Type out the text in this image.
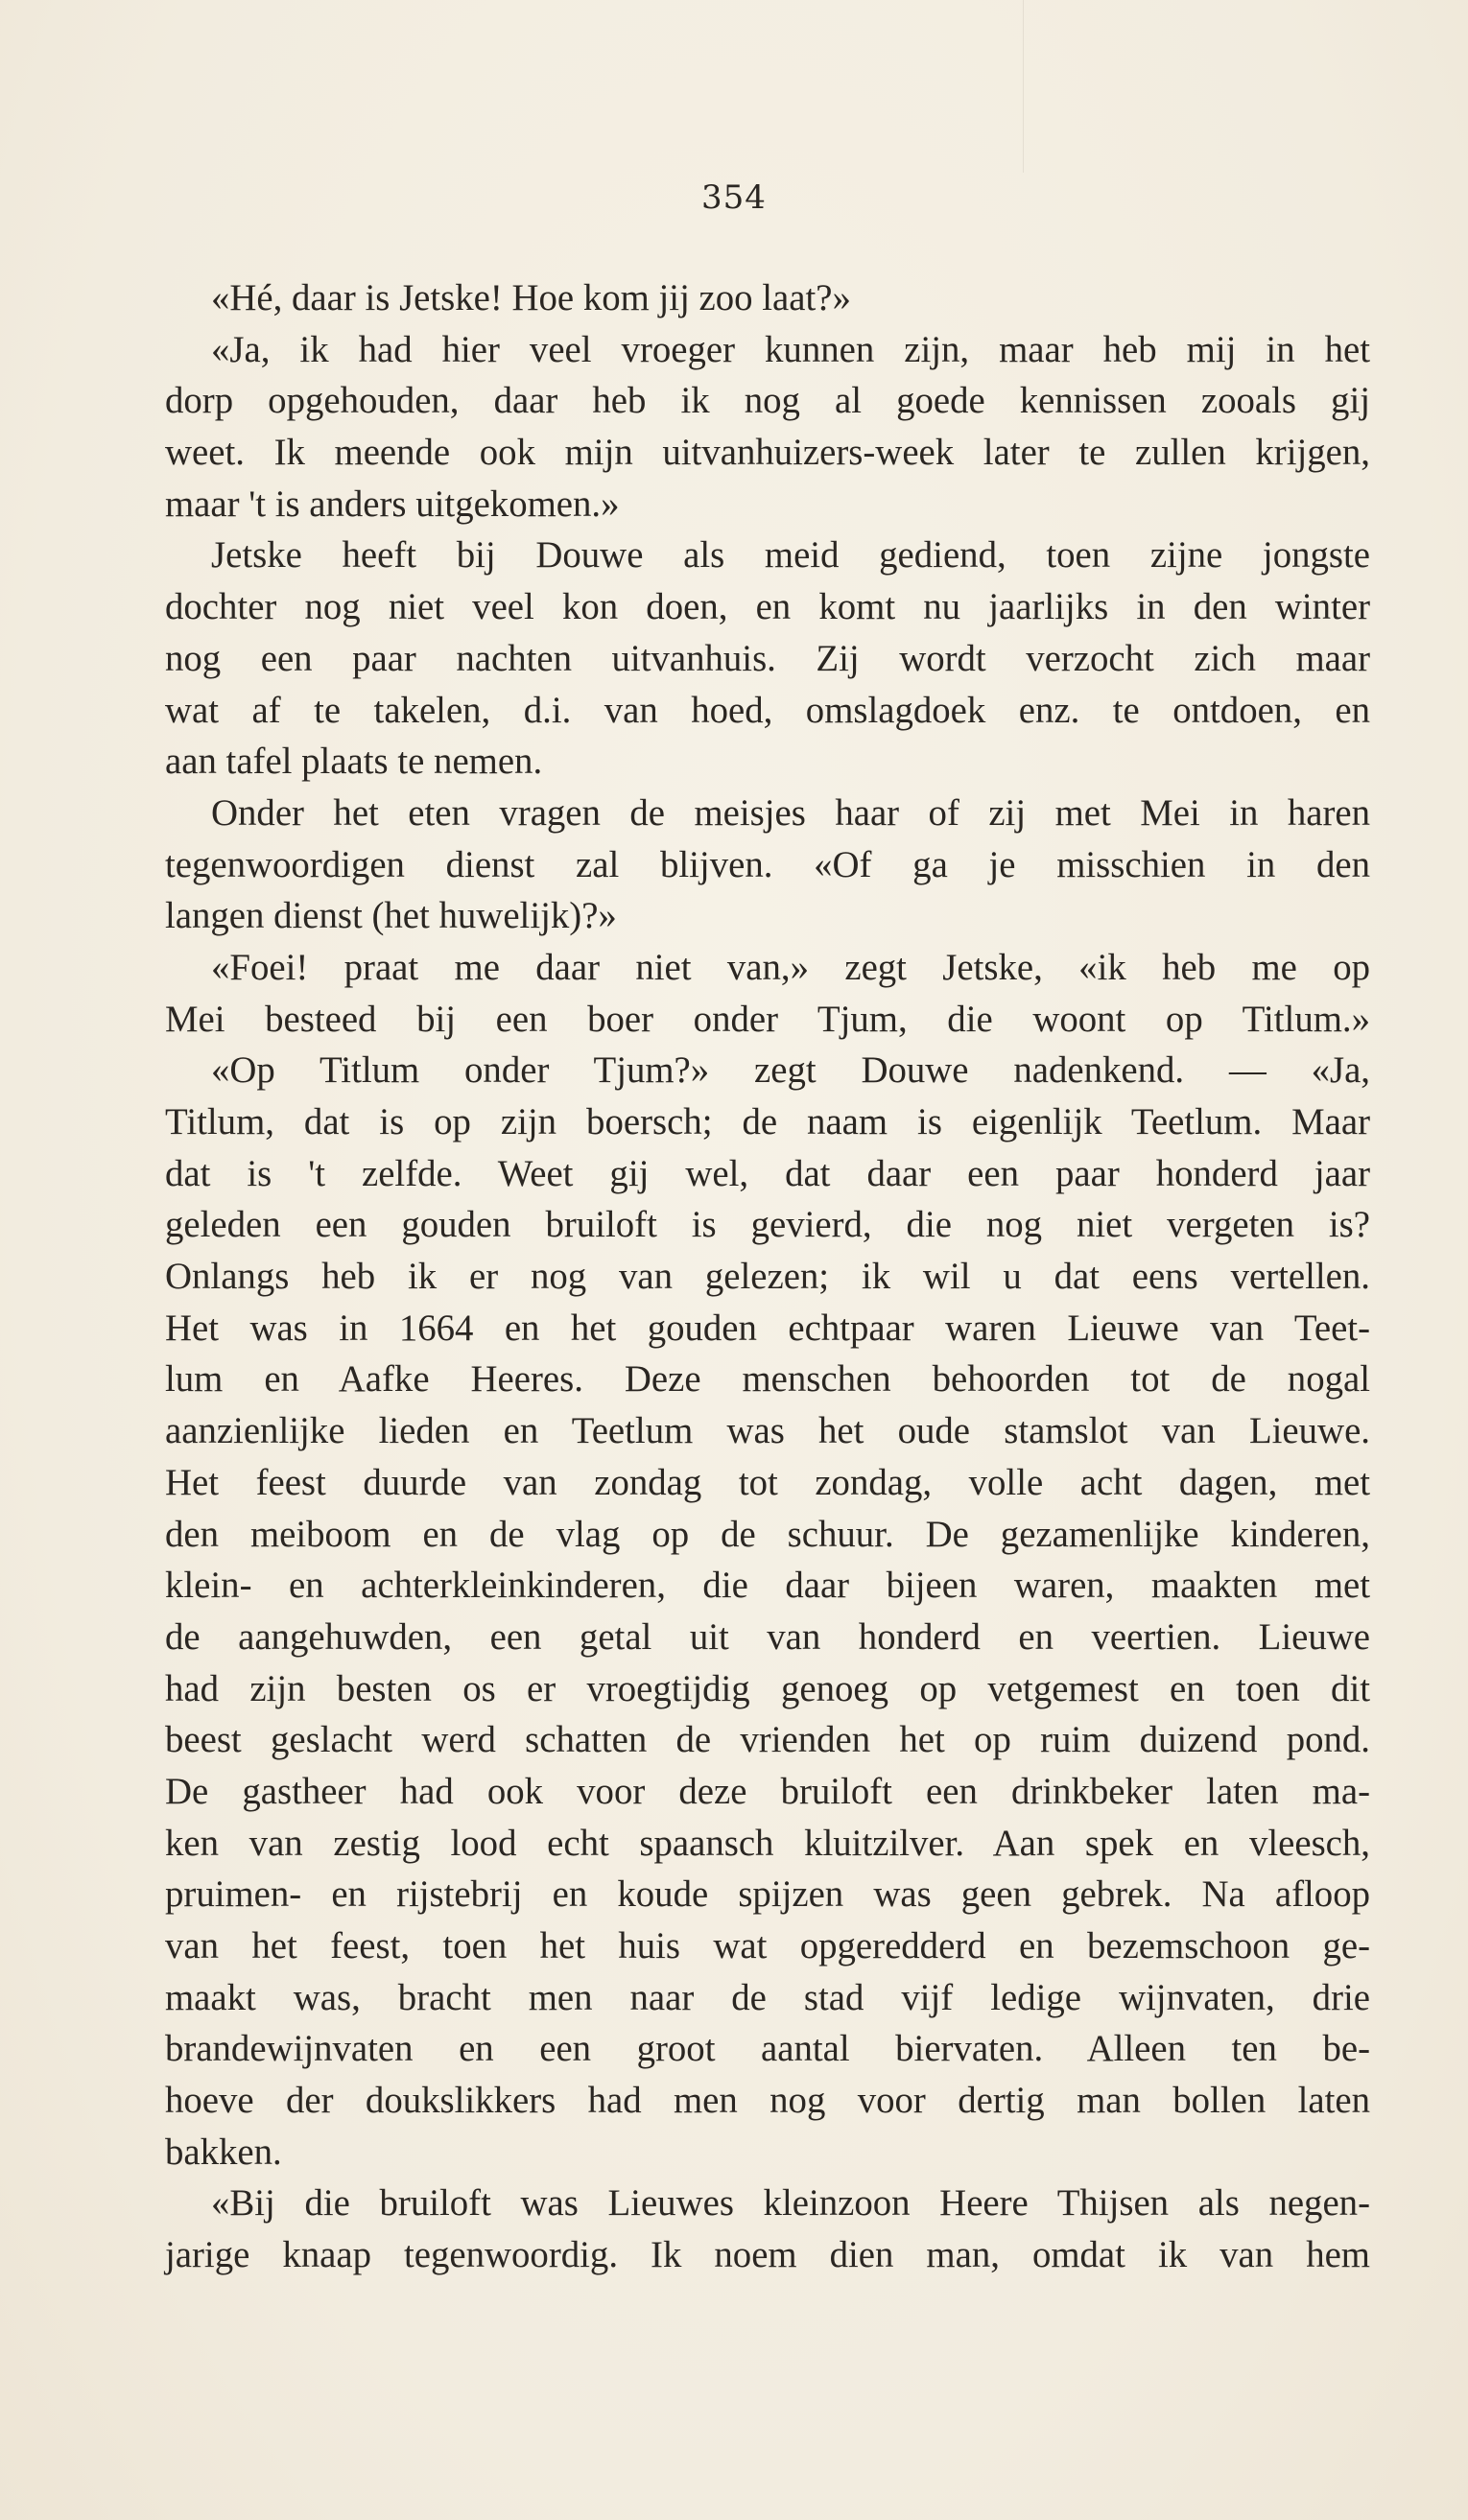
354
«Hé, daar is Jetske! Hoe kom jij zoo laat?»
«Ja, ik had hier veel vroeger kunnen zijn, maar heb mij in het
dorp opgehouden, daar heb ik nog al goede kennissen zooals gij
weet. Ik meende ook mijn uitvanhuizers-week later te zullen krijgen,
maar 't is anders uitgekomen.»
Jetske heeft bij Douwe als meid gediend, toen zijne jongste
dochter nog niet veel kon doen, en komt nu jaarlijks in den winter
nog een paar nachten uitvanhuis. Zij wordt verzocht zich maar
wat af te takelen, d.i. van hoed, omslagdoek enz. te ontdoen, en
aan tafel plaats te nemen.
Onder het eten vragen de meisjes haar of zij met Mei in haren
tegenwoordigen dienst zal blijven. «Of ga je misschien in den
langen dienst (het huwelijk)?»
«Foei! praat me daar niet van,» zegt Jetske, «ik heb me op
Mei besteed bij een boer onder Tjum, die woont op Titlum.»
«Op Titlum onder Tjum?» zegt Douwe nadenkend. — «Ja,
Titlum, dat is op zijn boersch; de naam is eigenlijk Teetlum. Maar
dat is 't zelfde. Weet gij wel, dat daar een paar honderd jaar
geleden een gouden bruiloft is gevierd, die nog niet vergeten is?
Onlangs heb ik er nog van gelezen; ik wil u dat eens vertellen.
Het was in 1664 en het gouden echtpaar waren Lieuwe van Teet-
lum en Aafke Heeres. Deze menschen behoorden tot de nogal
aanzienlijke lieden en Teetlum was het oude stamslot van Lieuwe.
Het feest duurde van zondag tot zondag, volle acht dagen, met
den meiboom en de vlag op de schuur. De gezamenlijke kinderen,
klein- en achterkleinkinderen, die daar bijeen waren, maakten met
de aangehuwden, een getal uit van honderd en veertien. Lieuwe
had zijn besten os er vroegtijdig genoeg op vetgemest en toen dit
beest geslacht werd schatten de vrienden het op ruim duizend pond.
De gastheer had ook voor deze bruiloft een drinkbeker laten ma-
ken van zestig lood echt spaansch kluitzilver. Aan spek en vleesch,
pruimen- en rijstebrij en koude spijzen was geen gebrek. Na afloop
van het feest, toen het huis wat opgeredderd en bezemschoon ge-
maakt was, bracht men naar de stad vijf ledige wijnvaten, drie
brandewijnvaten en een groot aantal biervaten. Alleen ten be-
hoeve der doukslikkers had men nog voor dertig man bollen laten
bakken.
«Bij die bruiloft was Lieuwes kleinzoon Heere Thijsen als negen-
jarige knaap tegenwoordig. Ik noem dien man, omdat ik van hem
